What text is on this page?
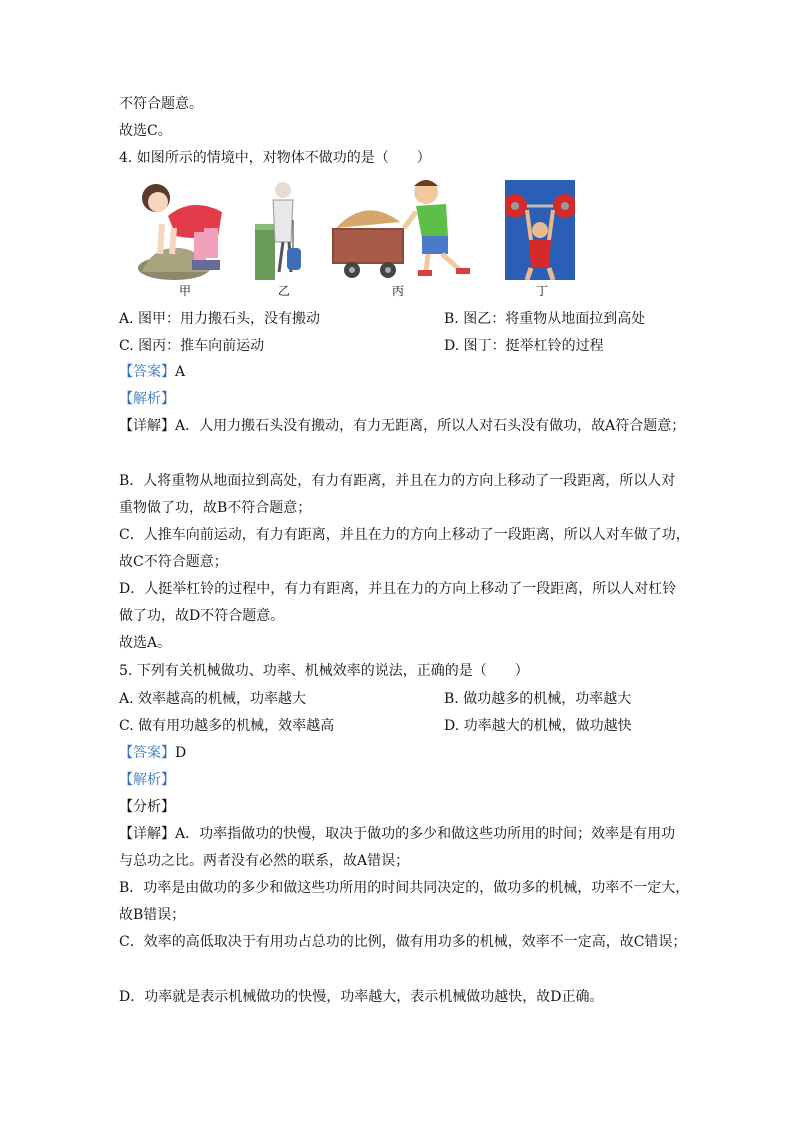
不符合题意。
故选C。
4. 如图所示的情境中，对物体不做功的是（　　）
甲	乙	丙	丁
A. 图甲：用力搬石头，没有搬动	B. 图乙：将重物从地面拉到高处
C. 图丙：推车向前运动	D. 图丁：挺举杠铃的过程
【答案】A
【解析】
【详解】A．人用力搬石头没有搬动，有力无距离，所以人对石头没有做功，故A符合题意；
B．人将重物从地面拉到高处，有力有距离，并且在力的方向上移动了一段距离，所以人对
重物做了功，故B不符合题意；
C．人推车向前运动，有力有距离，并且在力的方向上移动了一段距离，所以人对车做了功，
故C不符合题意；
D．人挺举杠铃的过程中，有力有距离，并且在力的方向上移动了一段距离，所以人对杠铃
做了功，故D不符合题意。
故选A。
5. 下列有关机械做功、功率、机械效率的说法，正确的是（　　）
A. 效率越高的机械，功率越大	B. 做功越多的机械，功率越大
C. 做有用功越多的机械，效率越高	D. 功率越大的机械，做功越快
【答案】D
【解析】
【分析】
【详解】A．功率指做功的快慢，取决于做功的多少和做这些功所用的时间；效率是有用功
与总功之比。两者没有必然的联系，故A错误；
B．功率是由做功的多少和做这些功所用的时间共同决定的，做功多的机械，功率不一定大，
故B错误；
C．效率的高低取决于有用功占总功的比例，做有用功多的机械，效率不一定高，故C错误；
D．功率就是表示机械做功的快慢，功率越大，表示机械做功越快，故D正确。
